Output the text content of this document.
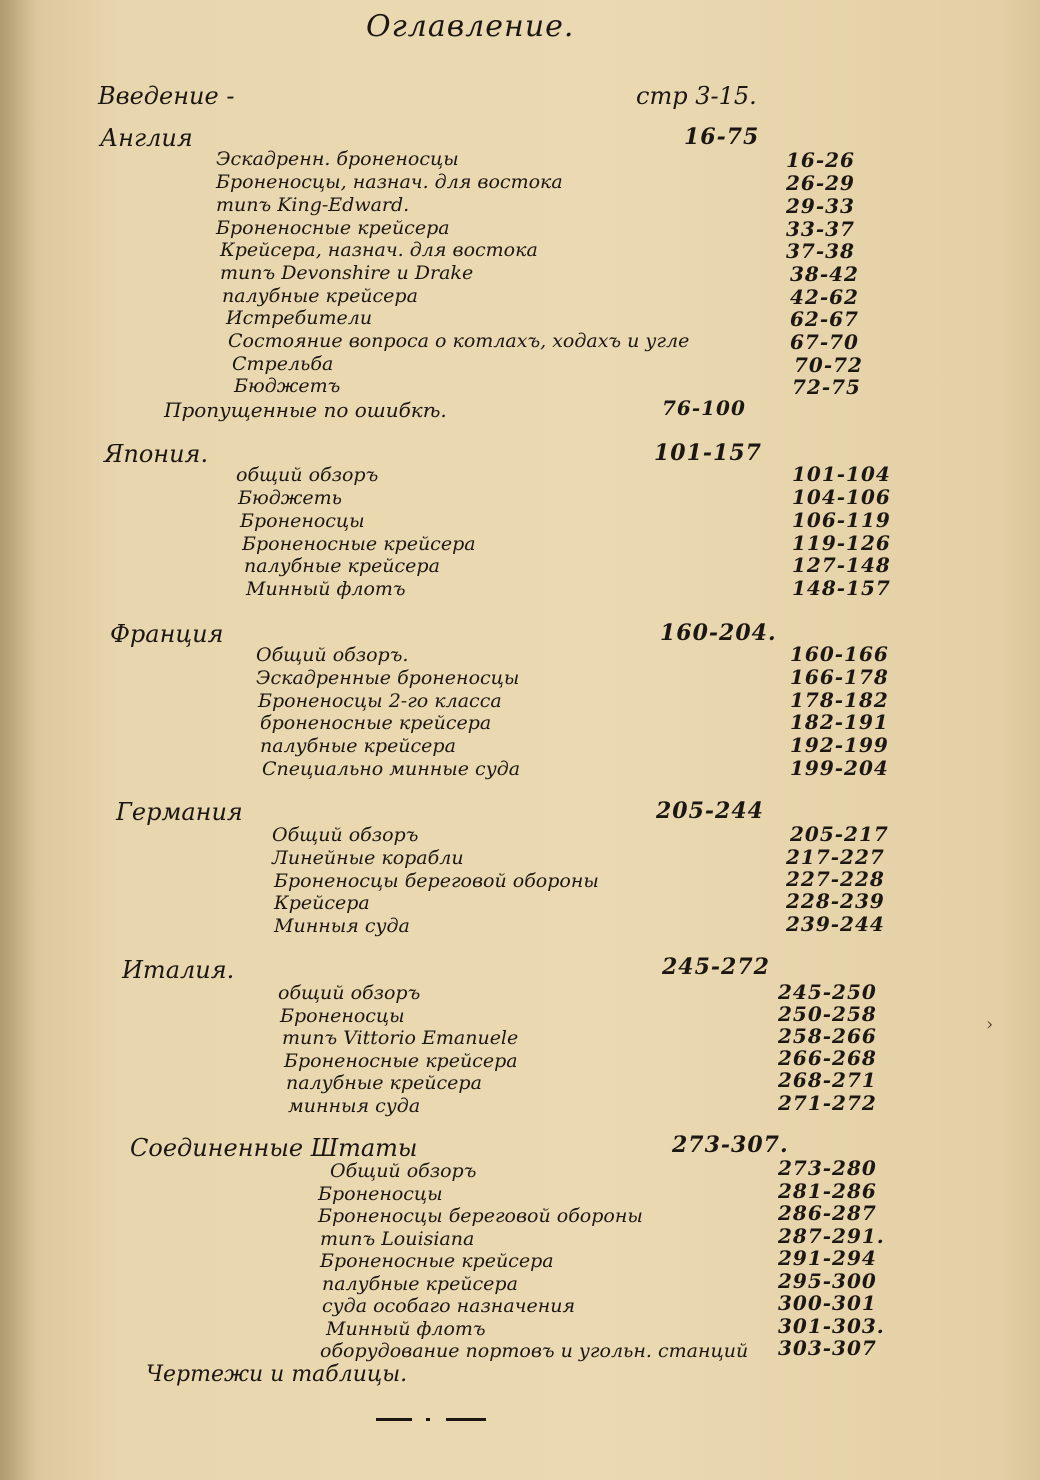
Оглавление.
Введение -	стр 3-15.
Англия	16-75
Эскадренн. броненосцы	16-26
Броненосцы, назнач. для востока	26-29
типъ King-Edward.	29-33
Броненосные крейсера	33-37
Крейсера, назнач. для востока	37-38
типъ Devonshire и Drake	38-42
палубные крейсера	42-62
Истребители	62-67
Состояние вопроса о котлахъ, ходахъ и угле	67-70
Стрельба	70-72
Бюджетъ	72-75
Пропущенные по ошибкѣ.	76-100
Япония.	101-157
общий обзоръ	101-104
Бюджеть	104-106
Броненосцы	106-119
Броненосные крейсера	119-126
палубные крейсера	127-148
Минный флотъ	148-157
Франция	160-204.
Общий обзоръ.	160-166
Эскадренные броненосцы	166-178
Броненосцы 2-го класса	178-182
броненосные крейсера	182-191
палубные крейсера	192-199
Специально минные суда	199-204
Германия	205-244
Общий обзоръ	205-217
Линейные корабли	217-227
Броненосцы береговой обороны	227-228
Крейсера	228-239
Минныя суда	239-244
Италия.	245-272
общий обзоръ	245-250
Броненосцы	250-258
типъ Vittorio Emanuele	258-266
Броненосные крейсера	266-268
палубные крейсера	268-271
минныя суда	271-272
Соединенные Штаты	273-307.
Общий обзоръ	273-280
Броненосцы	281-286
Броненосцы береговой обороны	286-287
типъ Louisiana	287-291.
Броненосные крейсера	291-294
палубные крейсера	295-300
суда особаго назначения	300-301
Минный флотъ	301-303.
оборудование портовъ и угольн. станций 303-307
Чертежи и таблицы.
›
